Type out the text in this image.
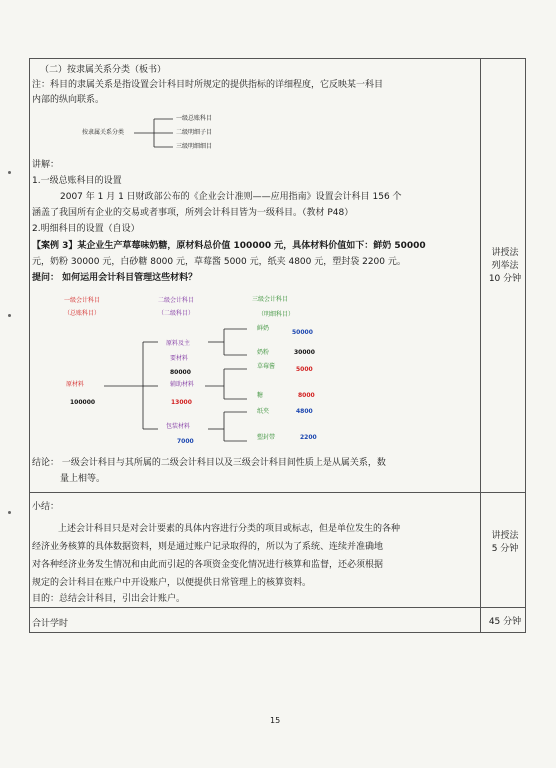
（二）按隶属关系分类（板书）
注：科目的隶属关系是指设置会计科目时所规定的提供指标的详细程度，它反映某一科目
内部的纵向联系。
按隶属关系分类
一级总账科目
二级明细子目
三级明细细目
讲解：
1.一级总账科目的设置
2007 年 1 月 1 日财政部公布的《企业会计准则——应用指南》设置会计科目 156 个
涵盖了我国所有企业的交易或者事项，所列会计科目皆为一级科目。（教材 P48）
2.明细科目的设置（自设）
【案例 3】某企业生产草莓味奶糖，原材料总价值 100000 元，具体材料价值如下：鲜奶 50000
元，奶粉 30000 元，白砂糖 8000 元，草莓酱 5000 元，纸夹 4800 元，塑封袋 2200 元。
提问： 如何运用会计科目管理这些材料？
一级会计科目
（总账科目）
二级会计科目
（二级科目）
三级会计科目
（明细科目）
原材料
100000
原料及主
要材料
80000
辅助材料
13000
包装材料
7000
鲜奶
50000
奶粉	30000
草莓酱	5000
糖	8000
纸夹	4800
塑封带	2200
结论： 一级会计科目与其所属的二级会计科目以及三级会计科目间性质上是从属关系，数
量上相等。
讲授法
列举法
10 分钟
小结：
上述会计科目只是对会计要素的具体内容进行分类的项目或标志，但是单位发生的各种
经济业务核算的具体数据资料，则是通过账户记录取得的，所以为了系统、连续并准确地
对各种经济业务发生情况和由此而引起的各项资金变化情况进行核算和监督，还必须根据
规定的会计科目在账户中开设账户，以便提供日常管理上的核算资料。
目的：总结会计科目，引出会计账户。
讲授法
5 分钟
合计学时	45 分钟
15
